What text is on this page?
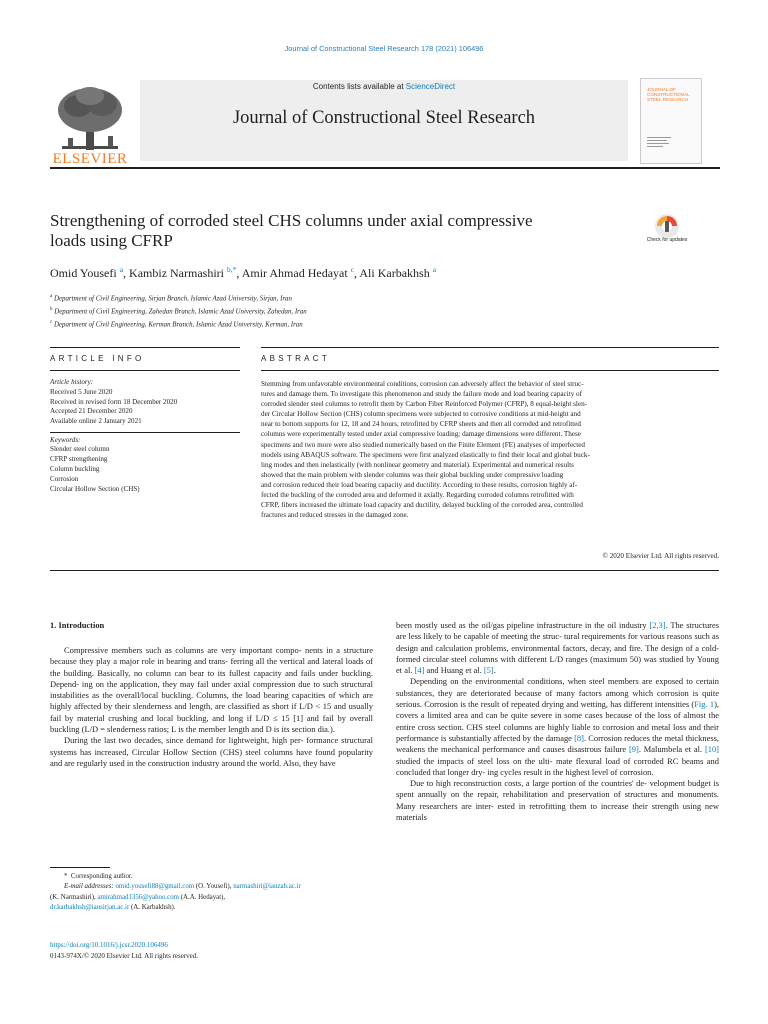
Journal of Constructional Steel Research 178 (2021) 106496
ELSEVIER
Contents lists available at ScienceDirect
Journal of Constructional Steel Research
JOURNAL OF CONSTRUCTIONAL STEEL RESEARCH
Strengthening of corroded steel CHS columns under axial compressive
loads using CFRP	Check for updates
Omid Yousefi $^a$, Kambiz Narmashiri $^{b,*}$, Amir Ahmad Hedayat $^c$, Ali Karbakhsh $^a$
$^a$ Department of Civil Engineering, Sirjan Branch, Islamic Azad University, Sirjan, Iran
$^b$ Department of Civil Engineering, Zahedan Branch, Islamic Azad University, Zahedan, Iran
$^c$ Department of Civil Engineering, Kerman Branch, Islamic Azad University, Kerman, Iran
ARTICLE INFO	ABSTRACT
Article history:
Received 5 June 2020
Received in revised form 18 December 2020
Accepted 21 December 2020
Available online 2 January 2021
Keywords:
Slender steel column
CFRP strengthening
Column buckling
Corrosion
Circular Hollow Section (CHS)
Stemming from unfavorable environmental conditions, corrosion can adversely affect the behavior of steel struc-
tures and damage them. To investigate this phenomenon and study the failure mode and load bearing capacity of
corroded slender steel columns to retrofit them by Carbon Fiber Reinforced Polymer (CFRP), 8 equal-height slen-
der Circular Hollow Section (CHS) column specimens were subjected to corrosive conditions at mid-height and
near to bottom supports for 12, 18 and 24 hours, retrofitted by CFRP sheets and then all corroded and retrofitted
columns were experimentally tested under axial compressive loading; damage dimensions were different. These
specimens and two more were also studied numerically based on the Finite Element (FE) analyses of imperfected
models using ABAQUS software. The specimens were first analyzed elastically to find their local and global buck-
ling modes and then inelastically (with nonlinear geometry and material). Experimental and numerical results
showed that the main problem with slender columns was their global buckling under compressive loading
and corrosion reduced their load bearing capacity and ductility. According to these results, corrosion highly af-
fected the buckling of the corroded area and deformed it axially. Regarding corroded columns retrofitted with
CFRP, fibers increased the ultimate load capacity and ductility, delayed buckling of the corroded area, controlled
fractures and reduced stresses in the damaged zone.
© 2020 Elsevier Ltd. All rights reserved.
1. Introduction

Compressive members such as columns are very important compo- nents in a structure because they play a major role in bearing and trans- ferring all the vertical and lateral loads of the building. Basically, no column can bear to its fullest capacity and fails under buckling. Depend- ing on the application, they may fail under axial compression due to such structural instabilities as the overall/local buckling. Columns, the load bearing capacities of which are highly affected by their slenderness and length, are classified as short if L/D < 15 and usually fail by material crushing and local buckling, and long if L/D ≤ 15 [1] and fail by overall buckling (L/D = slenderness ratios; L is the member length and D is its section dia.).

During the last two decades, since demand for lightweight, high per- formance structural systems has increased, Circular Hollow Section (CHS) steel columns have found popularity and are regularly used in the construction industry around the world. Also, they have

been mostly used as the oil/gas pipeline infrastructure in the oil industry [2,3]. The structures are less likely to be capable of meeting the struc- tural requirements for various reasons such as design and calculation problems, environmental factors, decay, and fire. The design of a cold- formed circular steel columns with different L/D ranges (maximum 50) was studied by Young et al. [4] and Huang et al. [5].

Depending on the environmental conditions, when steel members are exposed to certain substances, they are deteriorated because of many factors among which corrosion is quite serious. Corrosion is the result of repeated drying and wetting, has different intensities (Fig. 1), covers a limited area and can be quite severe in some cases because of the loss of almost the entire cross section. CHS steel columns are highly liable to corrosion and metal loss and their performance is substantially affected by the damage [8]. Corrosion reduces the metal thickness, weakens the mechanical performance and causes disastrous failure [9]. Malumbela et al. [10] studied the impacts of steel loss on the ulti- mate flexural load of corroded RC beams and concluded that longer dry- ing cycles result in the highest level of corrosion.

Due to high reconstruction costs, a large portion of the countries' de- velopment budget is spent annually on the repair, rehabilitation and preservation of structures and monuments. Many researchers are inter- ested in retrofitting them to increase their strength using new materials

* Corresponding author.
E-mail addresses: omid.yousefi88@gmail.com (O. Yousefi), narmashiri@iauzah.ac.ir
(K. Narmashiri), amirahmad1356@yahoo.com (A.A. Hedayat),
dr.karbakhsh@iausirjan.ac.ir (A. Karbakhsh).
https://doi.org/10.1016/j.jcsr.2020.106496
0143-974X/© 2020 Elsevier Ltd. All rights reserved.
